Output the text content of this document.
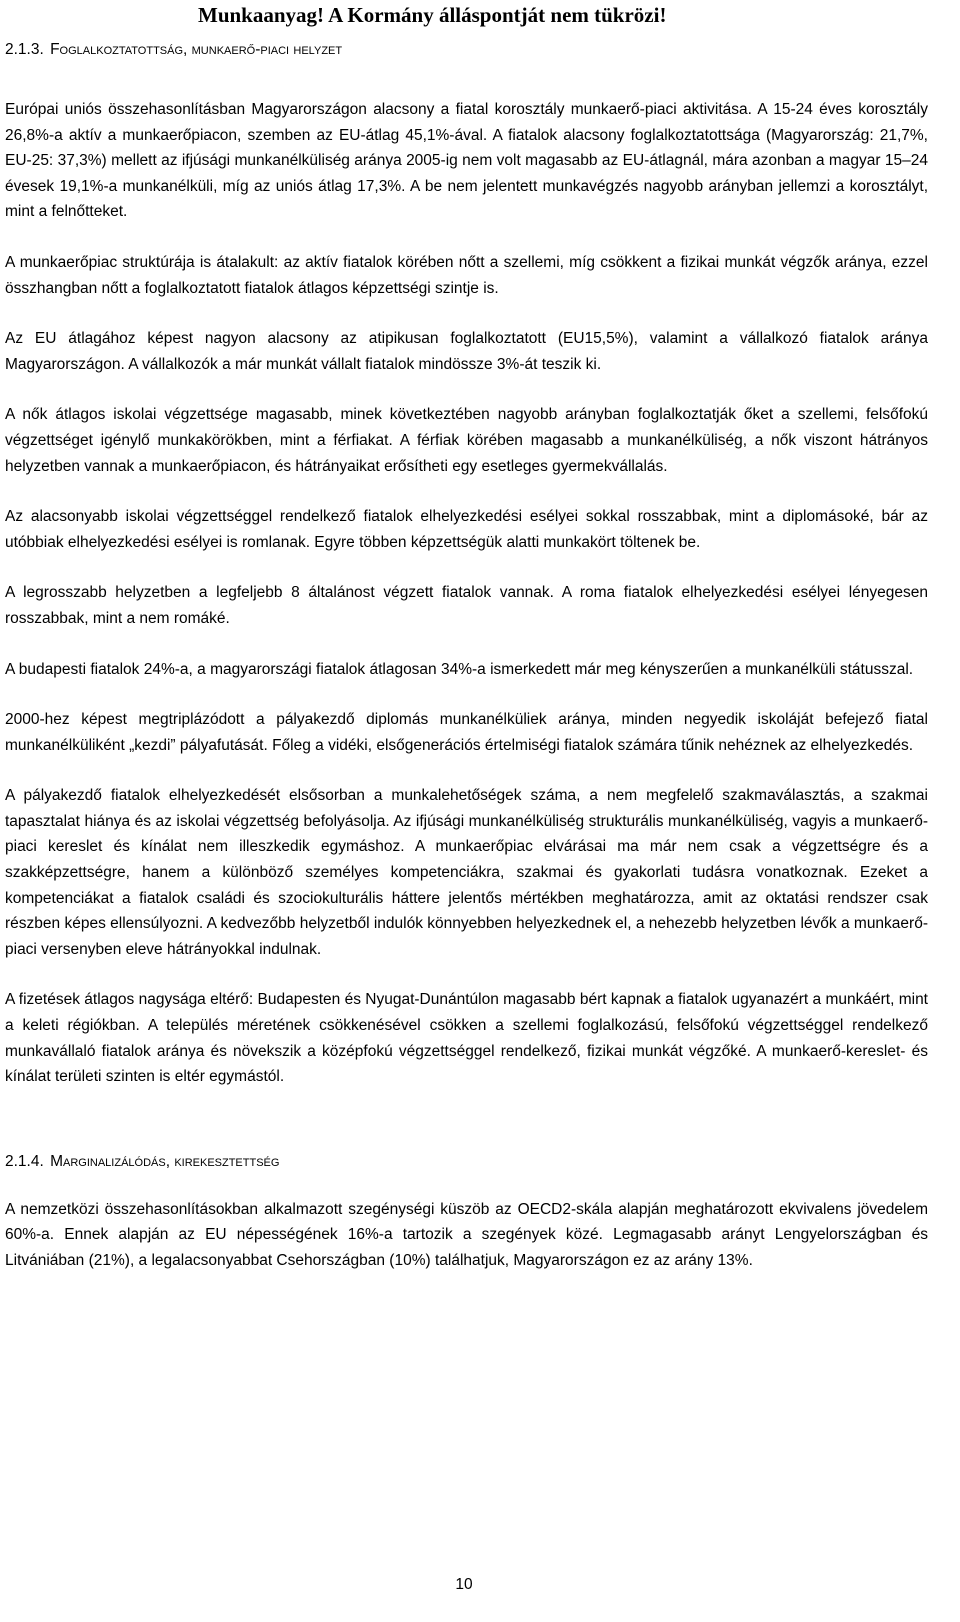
Munkaanyag! A Kormány álláspontját nem tükrözi!
2.1.3. Foglalkoztatottság, munkaerő-piaci helyzet

Európai uniós összehasonlításban Magyarországon alacsony a fiatal korosztály munkaerő-piaci aktivitása. A 15-24 éves korosztály 26,8%-a aktív a munkaerőpiacon, szemben az EU-átlag 45,1%-ával. A fiatalok alacsony foglalkoztatottsága (Magyarország: 21,7%, EU-25: 37,3%) mellett az ifjúsági munkanélküliség aránya 2005-ig nem volt magasabb az EU-átlagnál, mára azonban a magyar 15–24 évesek 19,1%-a munkanélküli, míg az uniós átlag 17,3%. A be nem jelentett munkavégzés nagyobb arányban jellemzi a korosztályt, mint a felnőtteket.

A munkaerőpiac struktúrája is átalakult: az aktív fiatalok körében nőtt a szellemi, míg csökkent a fizikai munkát végzők aránya, ezzel összhangban nőtt a foglalkoztatott fiatalok átlagos képzettségi szintje is.

Az EU átlagához képest nagyon alacsony az atipikusan foglalkoztatott (EU15,5%), valamint a vállalkozó fiatalok aránya Magyarországon. A vállalkozók a már munkát vállalt fiatalok mindössze 3%-át teszik ki.

A nők átlagos iskolai végzettsége magasabb, minek következtében nagyobb arányban foglalkoztatják őket a szellemi, felsőfokú végzettséget igénylő munkakörökben, mint a férfiakat. A férfiak körében magasabb a munkanélküliség, a nők viszont hátrányos helyzetben vannak a munkaerőpiacon, és hátrányaikat erősítheti egy esetleges gyermekvállalás.

Az alacsonyabb iskolai végzettséggel rendelkező fiatalok elhelyezkedési esélyei sokkal rosszabbak, mint a diplomásoké, bár az utóbbiak elhelyezkedési esélyei is romlanak. Egyre többen képzettségük alatti munkakört töltenek be.

A legrosszabb helyzetben a legfeljebb 8 általánost végzett fiatalok vannak. A roma fiatalok elhelyezkedési esélyei lényegesen rosszabbak, mint a nem romáké.

A budapesti fiatalok 24%-a, a magyarországi fiatalok átlagosan 34%-a ismerkedett már meg kényszerűen a munkanélküli státusszal.

2000-hez képest megtriplázódott a pályakezdő diplomás munkanélküliek aránya, minden negyedik iskoláját befejező fiatal munkanélküliként „kezdi” pályafutását. Főleg a vidéki, elsőgenerációs értelmiségi fiatalok számára tűnik nehéznek az elhelyezkedés.

A pályakezdő fiatalok elhelyezkedését elsősorban a munkalehetőségek száma, a nem megfelelő szakmaválasztás, a szakmai tapasztalat hiánya és az iskolai végzettség befolyásolja. Az ifjúsági munkanélküliség strukturális munkanélküliség, vagyis a munkaerő-piaci kereslet és kínálat nem illeszkedik egymáshoz. A munkaerőpiac elvárásai ma már nem csak a végzettségre és a szakképzettségre, hanem a különböző személyes kompetenciákra, szakmai és gyakorlati tudásra vonatkoznak. Ezeket a kompetenciákat a fiatalok családi és szociokulturális háttere jelentős mértékben meghatározza, amit az oktatási rendszer csak részben képes ellensúlyozni. A kedvezőbb helyzetből indulók könnyebben helyezkednek el, a nehezebb helyzetben lévők a munkaerő-piaci versenyben eleve hátrányokkal indulnak.

A fizetések átlagos nagysága eltérő: Budapesten és Nyugat-Dunántúlon magasabb bért kapnak a fiatalok ugyanazért a munkáért, mint a keleti régiókban. A település méretének csökkenésével csökken a szellemi foglalkozású, felsőfokú végzettséggel rendelkező munkavállaló fiatalok aránya és növekszik a középfokú végzettséggel rendelkező, fizikai munkát végzőké. A munkaerő-kereslet- és kínálat területi szinten is eltér egymástól.

2.1.4. Marginalizálódás, kirekesztettség

A nemzetközi összehasonlításokban alkalmazott szegénységi küszöb az OECD2-skála alapján meghatározott ekvivalens jövedelem 60%-a. Ennek alapján az EU népességének 16%-a tartozik a szegények közé. Legmagasabb arányt Lengyelországban és Litvániában (21%), a legalacsonyabbat Csehországban (10%) találhatjuk, Magyarországon ez az arány 13%.

10
